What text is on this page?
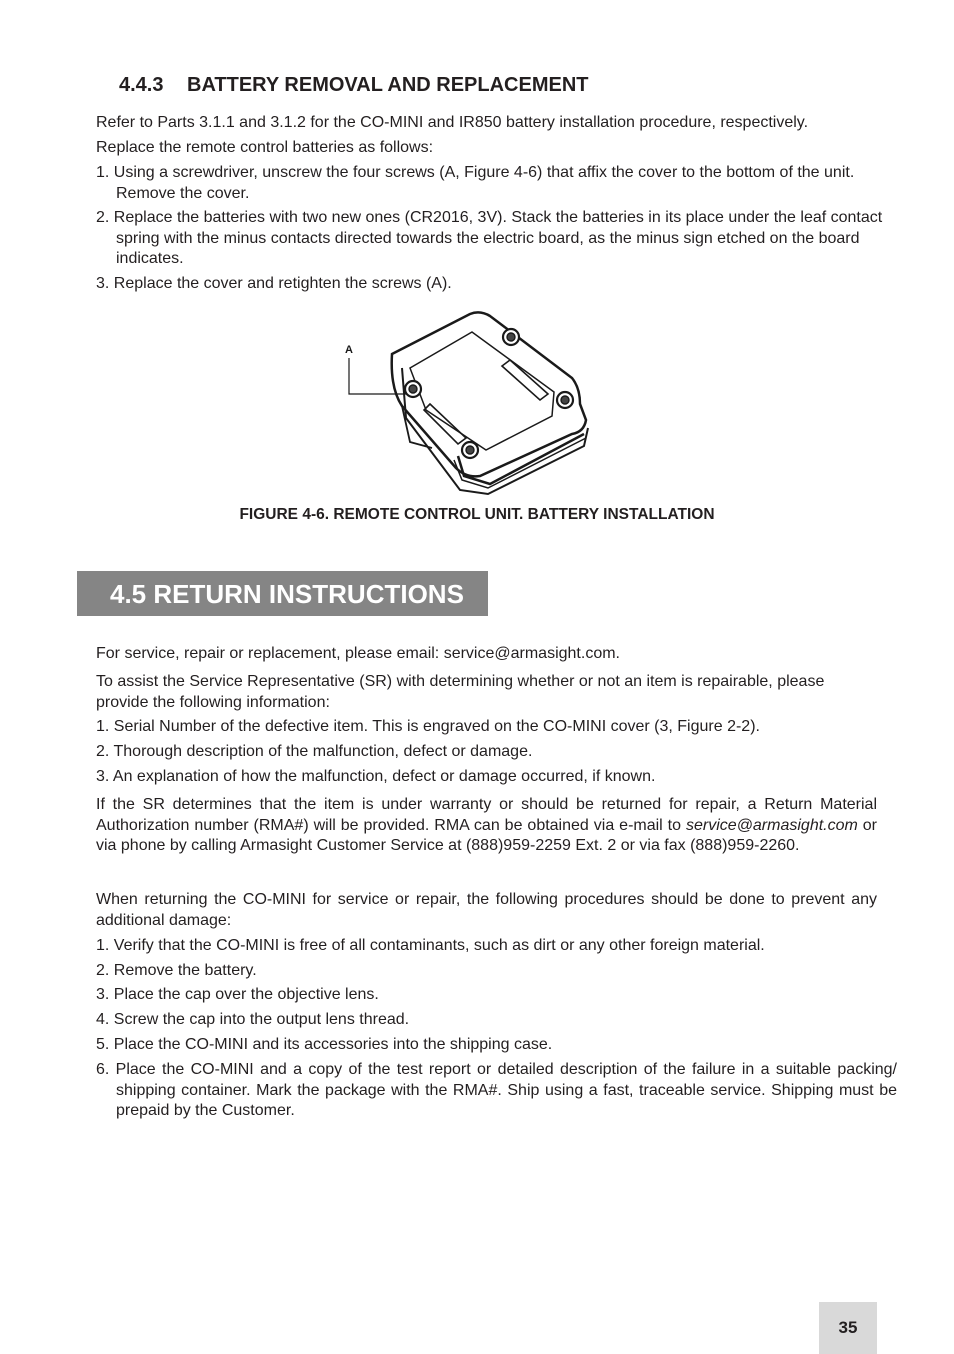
4.4.3 BATTERY REMOVAL AND REPLACEMENT
Refer to Parts 3.1.1 and 3.1.2 for the CO-MINI and IR850 battery installation procedure, respectively.
Replace the remote control batteries as follows:
1. Using a screwdriver, unscrew the four screws (A, Figure 4-6) that affix the cover to the bottom of the unit. Remove the cover.
2. Replace the batteries with two new ones (CR2016, 3V). Stack the batteries in its place under the leaf contact spring with the minus contacts directed towards the electric board, as the minus sign etched on the board indicates.
3. Replace the cover and retighten the screws (A).
A
FIGURE 4-6. REMOTE CONTROL UNIT. BATTERY INSTALLATION
4.5 RETURN INSTRUCTIONS
For service, repair or replacement, please email: service@armasight.com.
To assist the Service Representative (SR) with determining whether or not an item is repairable, please provide the following information:
1. Serial Number of the defective item. This is engraved on the CO-MINI cover (3, Figure 2-2).
2. Thorough description of the malfunction, defect or damage.
3. An explanation of how the malfunction, defect or damage occurred, if known.
If the SR determines that the item is under warranty or should be returned for repair, a Return Material Authorization number (RMA#) will be provided. RMA can be obtained via e-mail to service@armasight.com or via phone by calling Armasight Customer Service at (888)959-2259 Ext. 2 or via fax (888)959-2260.
When returning the CO-MINI for service or repair, the following procedures should be done to prevent any additional damage:
1. Verify that the CO-MINI is free of all contaminants, such as dirt or any other foreign material.
2. Remove the battery.
3. Place the cap over the objective lens.
4. Screw the cap into the output lens thread.
5. Place the CO-MINI and its accessories into the shipping case.
6. Place the CO-MINI and a copy of the test report or detailed description of the failure in a suitable packing/ shipping container. Mark the package with the RMA#. Ship using a fast, traceable service. Shipping must be prepaid by the Customer.
35
